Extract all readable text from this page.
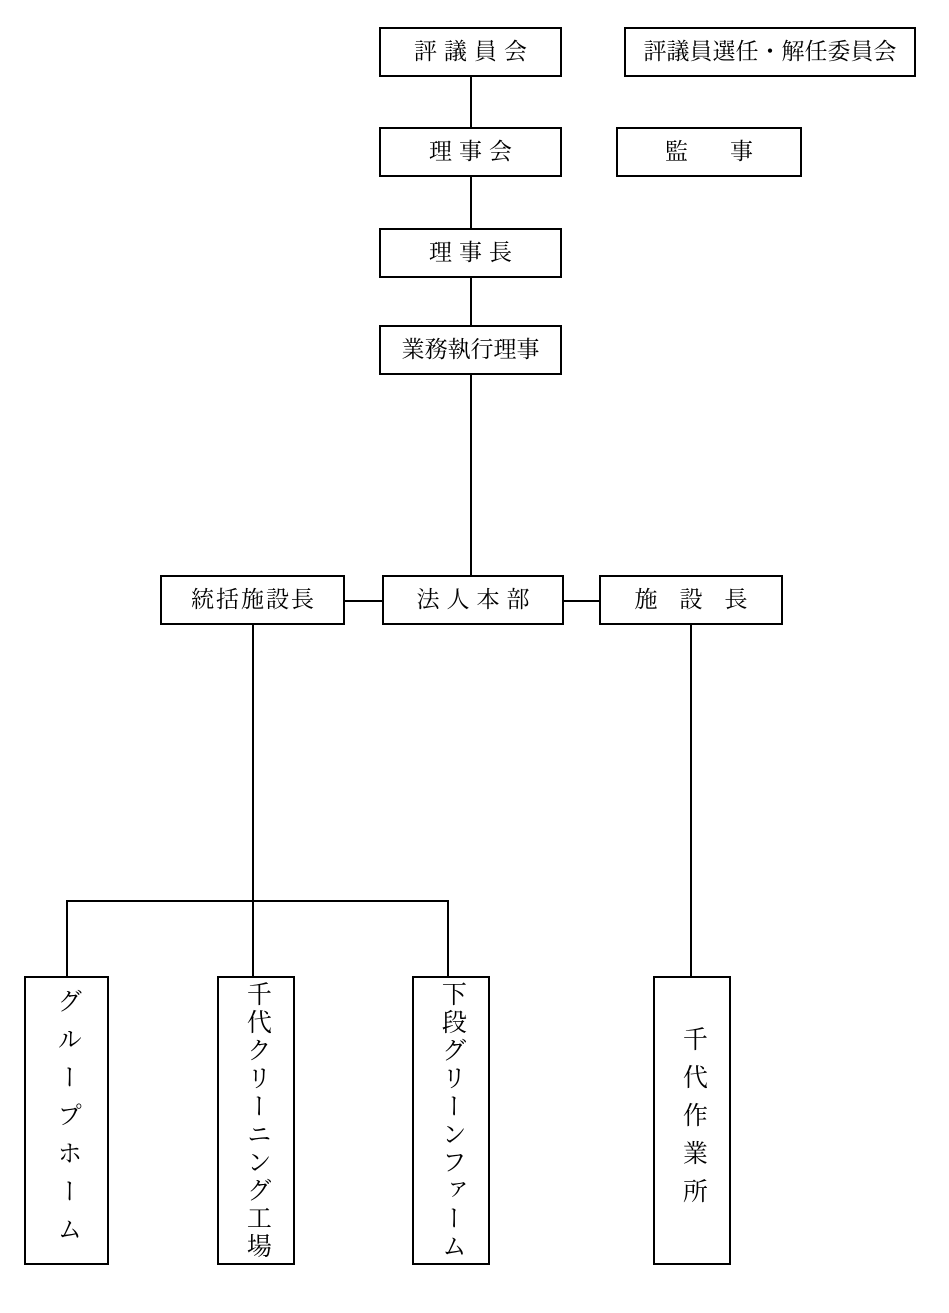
評議員会	評議員選任・解任委員会
理事会	監事
理事長
業務執行理事
統括施設長	法人本部	施設長
グループホーム	千代クリーニング工場	下段グリーンファーム	千代作業所
